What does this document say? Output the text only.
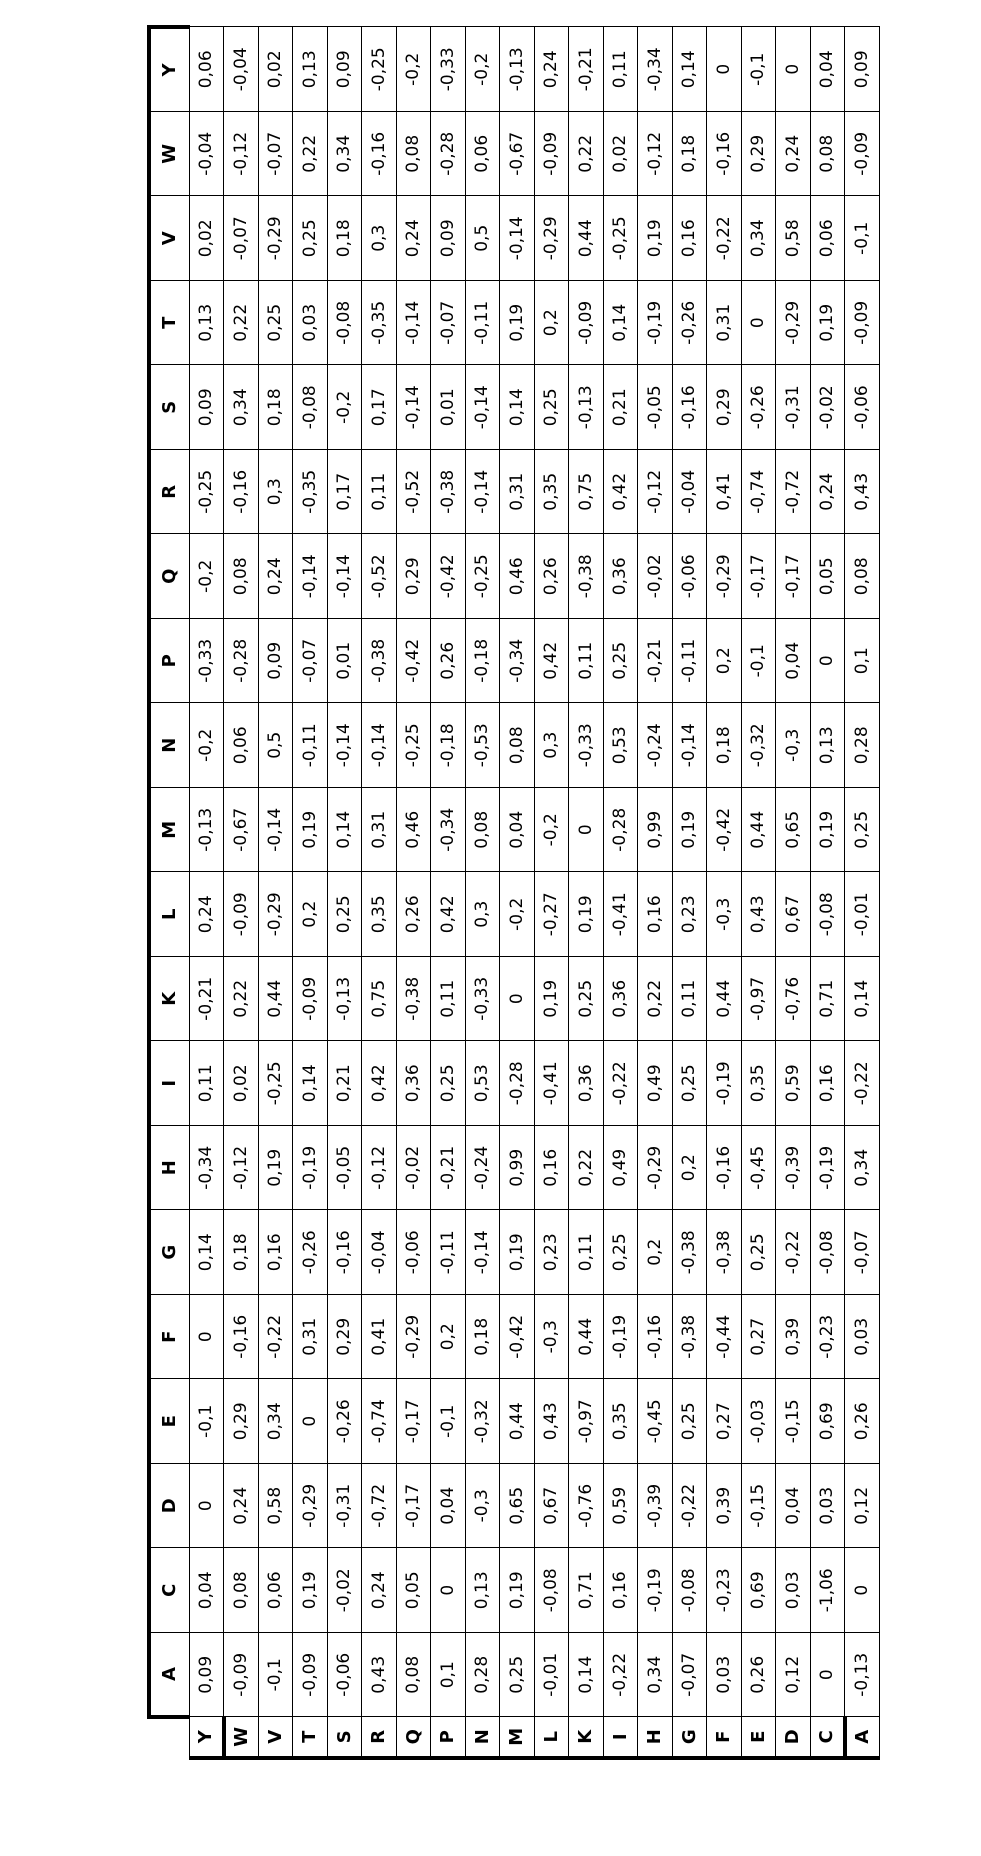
		A	C	D	E	F	G	H	I	K	L	M	N	P	Q	R	S	T	V	W	Y
	Y	0,09	0,04	0	-0,1	0	0,14	-0,34	0,11	-0,21	0,24	-0,13	-0,2	-0,33	-0,2	-0,25	0,09	0,13	0,02	-0,04	0,06
	W	-0,09	0,08	0,24	0,29	-0,16	0,18	-0,12	0,02	0,22	-0,09	-0,67	0,06	-0,28	0,08	-0,16	0,34	0,22	-0,07	-0,12	-0,04
	V	-0,1	0,06	0,58	0,34	-0,22	0,16	0,19	-0,25	0,44	-0,29	-0,14	0,5	0,09	0,24	0,3	0,18	0,25	-0,29	-0,07	0,02
	T	-0,09	0,19	-0,29	0	0,31	-0,26	-0,19	0,14	-0,09	0,2	0,19	-0,11	-0,07	-0,14	-0,35	-0,08	0,03	0,25	0,22	0,13
	S	-0,06	-0,02	-0,31	-0,26	0,29	-0,16	-0,05	0,21	-0,13	0,25	0,14	-0,14	0,01	-0,14	0,17	-0,2	-0,08	0,18	0,34	0,09
	R	0,43	0,24	-0,72	-0,74	0,41	-0,04	-0,12	0,42	0,75	0,35	0,31	-0,14	-0,38	-0,52	0,11	0,17	-0,35	0,3	-0,16	-0,25
	Q	0,08	0,05	-0,17	-0,17	-0,29	-0,06	-0,02	0,36	-0,38	0,26	0,46	-0,25	-0,42	0,29	-0,52	-0,14	-0,14	0,24	0,08	-0,2
	P	0,1	0	0,04	-0,1	0,2	-0,11	-0,21	0,25	0,11	0,42	-0,34	-0,18	0,26	-0,42	-0,38	0,01	-0,07	0,09	-0,28	-0,33
	N	0,28	0,13	-0,3	-0,32	0,18	-0,14	-0,24	0,53	-0,33	0,3	0,08	-0,53	-0,18	-0,25	-0,14	-0,14	-0,11	0,5	0,06	-0,2
	M	0,25	0,19	0,65	0,44	-0,42	0,19	0,99	-0,28	0	-0,2	0,04	0,08	-0,34	0,46	0,31	0,14	0,19	-0,14	-0,67	-0,13
	L	-0,01	-0,08	0,67	0,43	-0,3	0,23	0,16	-0,41	0,19	-0,27	-0,2	0,3	0,42	0,26	0,35	0,25	0,2	-0,29	-0,09	0,24
	K	0,14	0,71	-0,76	-0,97	0,44	0,11	0,22	0,36	0,25	0,19	0	-0,33	0,11	-0,38	0,75	-0,13	-0,09	0,44	0,22	-0,21
	I	-0,22	0,16	0,59	0,35	-0,19	0,25	0,49	-0,22	0,36	-0,41	-0,28	0,53	0,25	0,36	0,42	0,21	0,14	-0,25	0,02	0,11
	H	0,34	-0,19	-0,39	-0,45	-0,16	0,2	-0,29	0,49	0,22	0,16	0,99	-0,24	-0,21	-0,02	-0,12	-0,05	-0,19	0,19	-0,12	-0,34
	G	-0,07	-0,08	-0,22	0,25	-0,38	-0,38	0,2	0,25	0,11	0,23	0,19	-0,14	-0,11	-0,06	-0,04	-0,16	-0,26	0,16	0,18	0,14
	F	0,03	-0,23	0,39	0,27	-0,44	-0,38	-0,16	-0,19	0,44	-0,3	-0,42	0,18	0,2	-0,29	0,41	0,29	0,31	-0,22	-0,16	0
	E	0,26	0,69	-0,15	-0,03	0,27	0,25	-0,45	0,35	-0,97	0,43	0,44	-0,32	-0,1	-0,17	-0,74	-0,26	0	0,34	0,29	-0,1
	D	0,12	0,03	0,04	-0,15	0,39	-0,22	-0,39	0,59	-0,76	0,67	0,65	-0,3	0,04	-0,17	-0,72	-0,31	-0,29	0,58	0,24	0
	C	0	-1,06	0,03	0,69	-0,23	-0,08	-0,19	0,16	0,71	-0,08	0,19	0,13	0	0,05	0,24	-0,02	0,19	0,06	0,08	0,04
	A	-0,13	0	0,12	0,26	0,03	-0,07	0,34	-0,22	0,14	-0,01	0,25	0,28	0,1	0,08	0,43	-0,06	-0,09	-0,1	-0,09	0,09
